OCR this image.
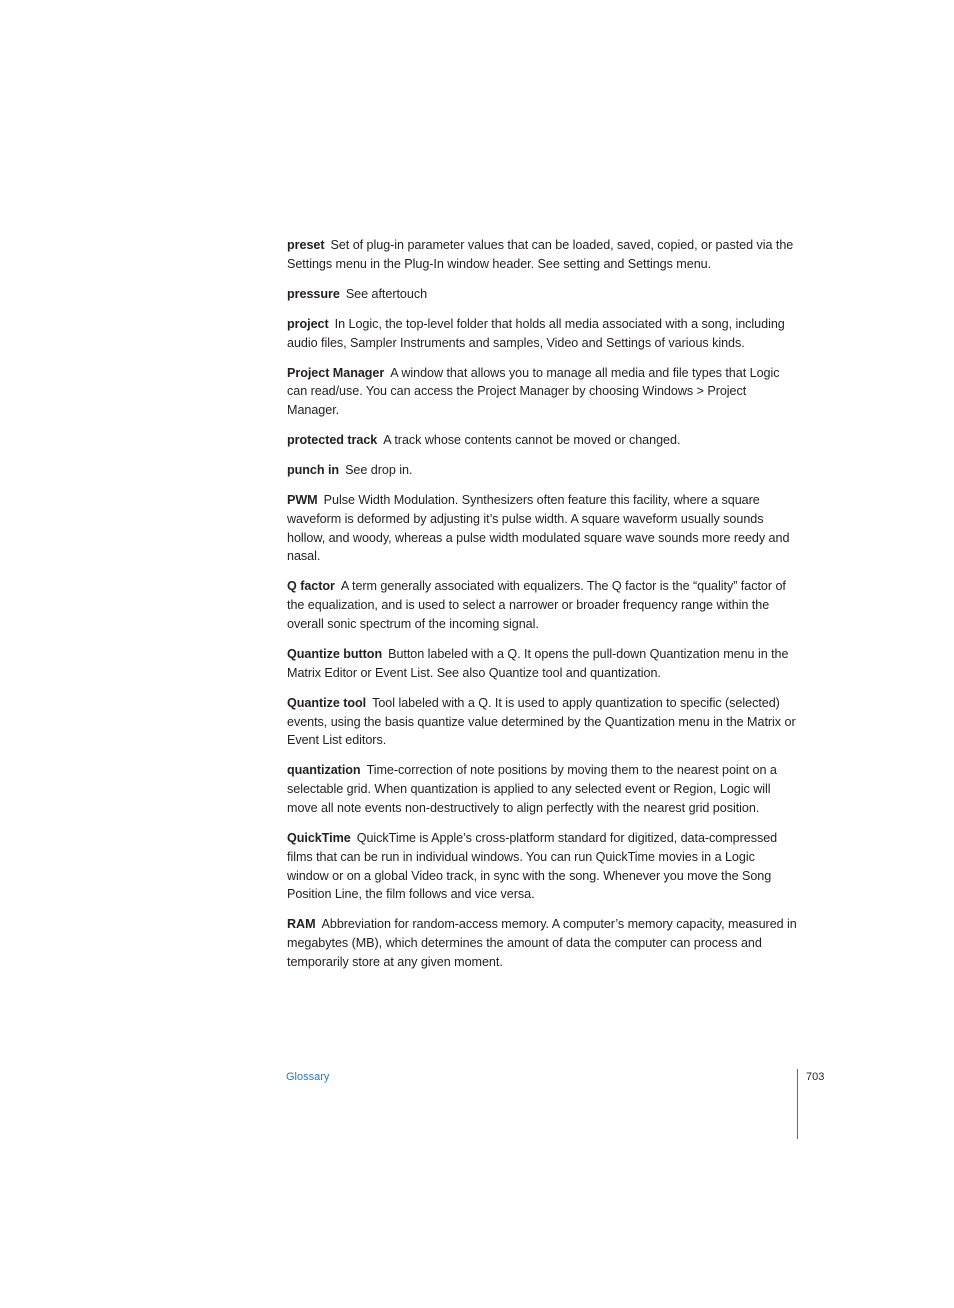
preset Set of plug-in parameter values that can be loaded, saved, copied, or pasted via the Settings menu in the Plug-In window header. See setting and Settings menu.

pressure See aftertouch

project In Logic, the top-level folder that holds all media associated with a song, including audio files, Sampler Instruments and samples, Video and Settings of various kinds.

Project Manager A window that allows you to manage all media and file types that Logic can read/use. You can access the Project Manager by choosing Windows > Project Manager.

protected track A track whose contents cannot be moved or changed.

punch in See drop in.

PWM Pulse Width Modulation. Synthesizers often feature this facility, where a square waveform is deformed by adjusting it’s pulse width. A square waveform usually sounds hollow, and woody, whereas a pulse width modulated square wave sounds more reedy and nasal.

Q factor A term generally associated with equalizers. The Q factor is the “quality” factor of the equalization, and is used to select a narrower or broader frequency range within the overall sonic spectrum of the incoming signal.

Quantize button Button labeled with a Q. It opens the pull-down Quantization menu in the Matrix Editor or Event List. See also Quantize tool and quantization.

Quantize tool Tool labeled with a Q. It is used to apply quantization to specific (selected) events, using the basis quantize value determined by the Quantization menu in the Matrix or Event List editors.

quantization Time-correction of note positions by moving them to the nearest point on a selectable grid. When quantization is applied to any selected event or Region, Logic will move all note events non-destructively to align perfectly with the nearest grid position.

QuickTime QuickTime is Apple’s cross-platform standard for digitized, data-compressed films that can be run in individual windows. You can run QuickTime movies in a Logic window or on a global Video track, in sync with the song. Whenever you move the Song Position Line, the film follows and vice versa.

RAM Abbreviation for random-access memory. A computer’s memory capacity, measured in megabytes (MB), which determines the amount of data the computer can process and temporarily store at any given moment.

Glossary	703
